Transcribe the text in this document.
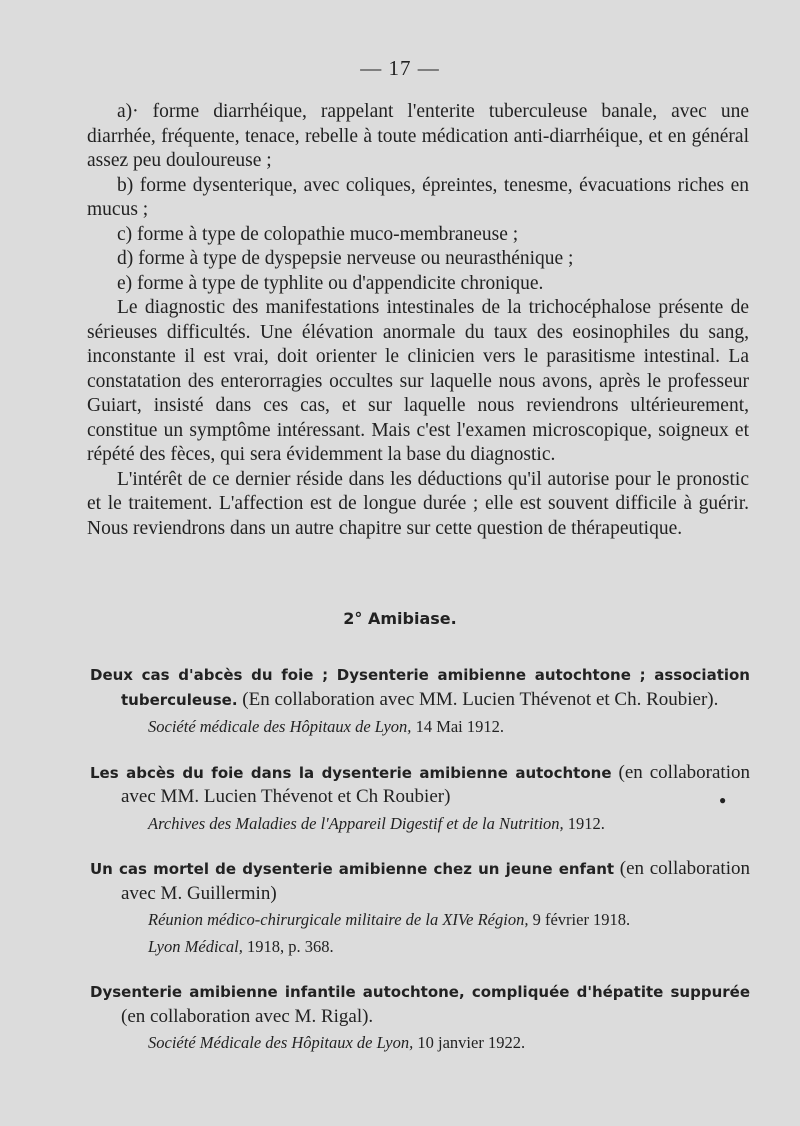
— 17 —

a)· forme diarrhéique, rappelant l'enterite tuberculeuse banale, avec une diarrhée, fréquente, tenace, rebelle à toute médication anti-diarrhéique, et en général assez peu douloureuse ;

b) forme dysenterique, avec coliques, épreintes, tenesme, évacuations riches en mucus ;

c) forme à type de colopathie muco-membraneuse ;

d) forme à type de dyspepsie nerveuse ou neurasthénique ;

e) forme à type de typhlite ou d'appendicite chronique.

Le diagnostic des manifestations intestinales de la trichocéphalose présente de sérieuses difficultés. Une élévation anormale du taux des eosinophiles du sang, inconstante il est vrai, doit orienter le clinicien vers le parasitisme intestinal. La constatation des enterorragies occultes sur laquelle nous avons, après le professeur Guiart, insisté dans ces cas, et sur laquelle nous reviendrons ultérieurement, constitue un symptôme intéressant. Mais c'est l'examen microscopique, soigneux et répété des fèces, qui sera évidemment la base du diagnostic.

L'intérêt de ce dernier réside dans les déductions qu'il autorise pour le pronostic et le traitement. L'affection est de longue durée ; elle est souvent difficile à guérir. Nous reviendrons dans un autre chapitre sur cette question de thérapeutique.

2° Amibiase.
Deux cas d'abcès du foie ; Dysenterie amibienne autochtone ; association tuberculeuse. (En collaboration avec MM. Lucien Thévenot et Ch. Roubier).
Société médicale des Hôpitaux de Lyon, 14 Mai 1912.
Les abcès du foie dans la dysenterie amibienne autochtone (en collaboration avec MM. Lucien Thévenot et Ch Roubier)	●
Archives des Maladies de l'Appareil Digestif et de la Nutrition, 1912.
Un cas mortel de dysenterie amibienne chez un jeune enfant (en collaboration avec M. Guillermin)
Réunion médico-chirurgicale militaire de la XIVe Région, 9 février 1918.
Lyon Médical, 1918, p. 368.
Dysenterie amibienne infantile autochtone, compliquée d'hépatite suppurée (en collaboration avec M. Rigal).
Société Médicale des Hôpitaux de Lyon, 10 janvier 1922.
